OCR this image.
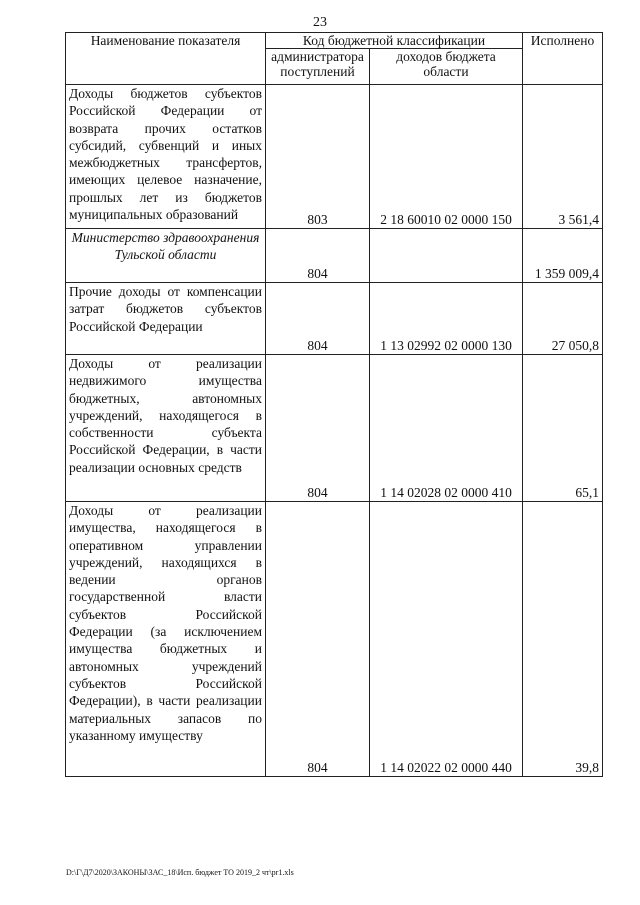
23
Наименование показателя	Код бюджетной классификации		Исполнено
	администратора поступлений	доходов бюджета области	
Доходы бюджетов субъектов Российской Федерации от возврата прочих остатков субсидий, субвенций и иных межбюджетных трансфертов, имеющих целевое назначение, прошлых лет из бюджетов муниципальных образований	803	2 18 60010 02 0000 150	3 561,4
Министерство здравоохранения Тульской области	804		1 359 009,4
Прочие доходы от компенсации затрат бюджетов субъектов Российской Федерации	804	1 13 02992 02 0000 130	27 050,8
Доходы от реализации недвижимого имущества бюджетных, автономных учреждений, находящегося в собственности субъекта Российской Федерации, в части реализации основных средств	804	1 14 02028 02 0000 410	65,1
Доходы от реализации имущества, находящегося в оперативном управлении учреждений, находящихся в ведении органов государственной власти субъектов Российской Федерации (за исключением имущества бюджетных и автономных учреждений субъектов Российской Федерации), в части реализации материальных запасов по указанному имуществу	804	1 14 02022 02 0000 440	39,8
D:\Г\Д7\2020\ЗАКОНЫ\ЗАС_18\Исп. бюджет ТО 2019_2 чт\pr1.xls
